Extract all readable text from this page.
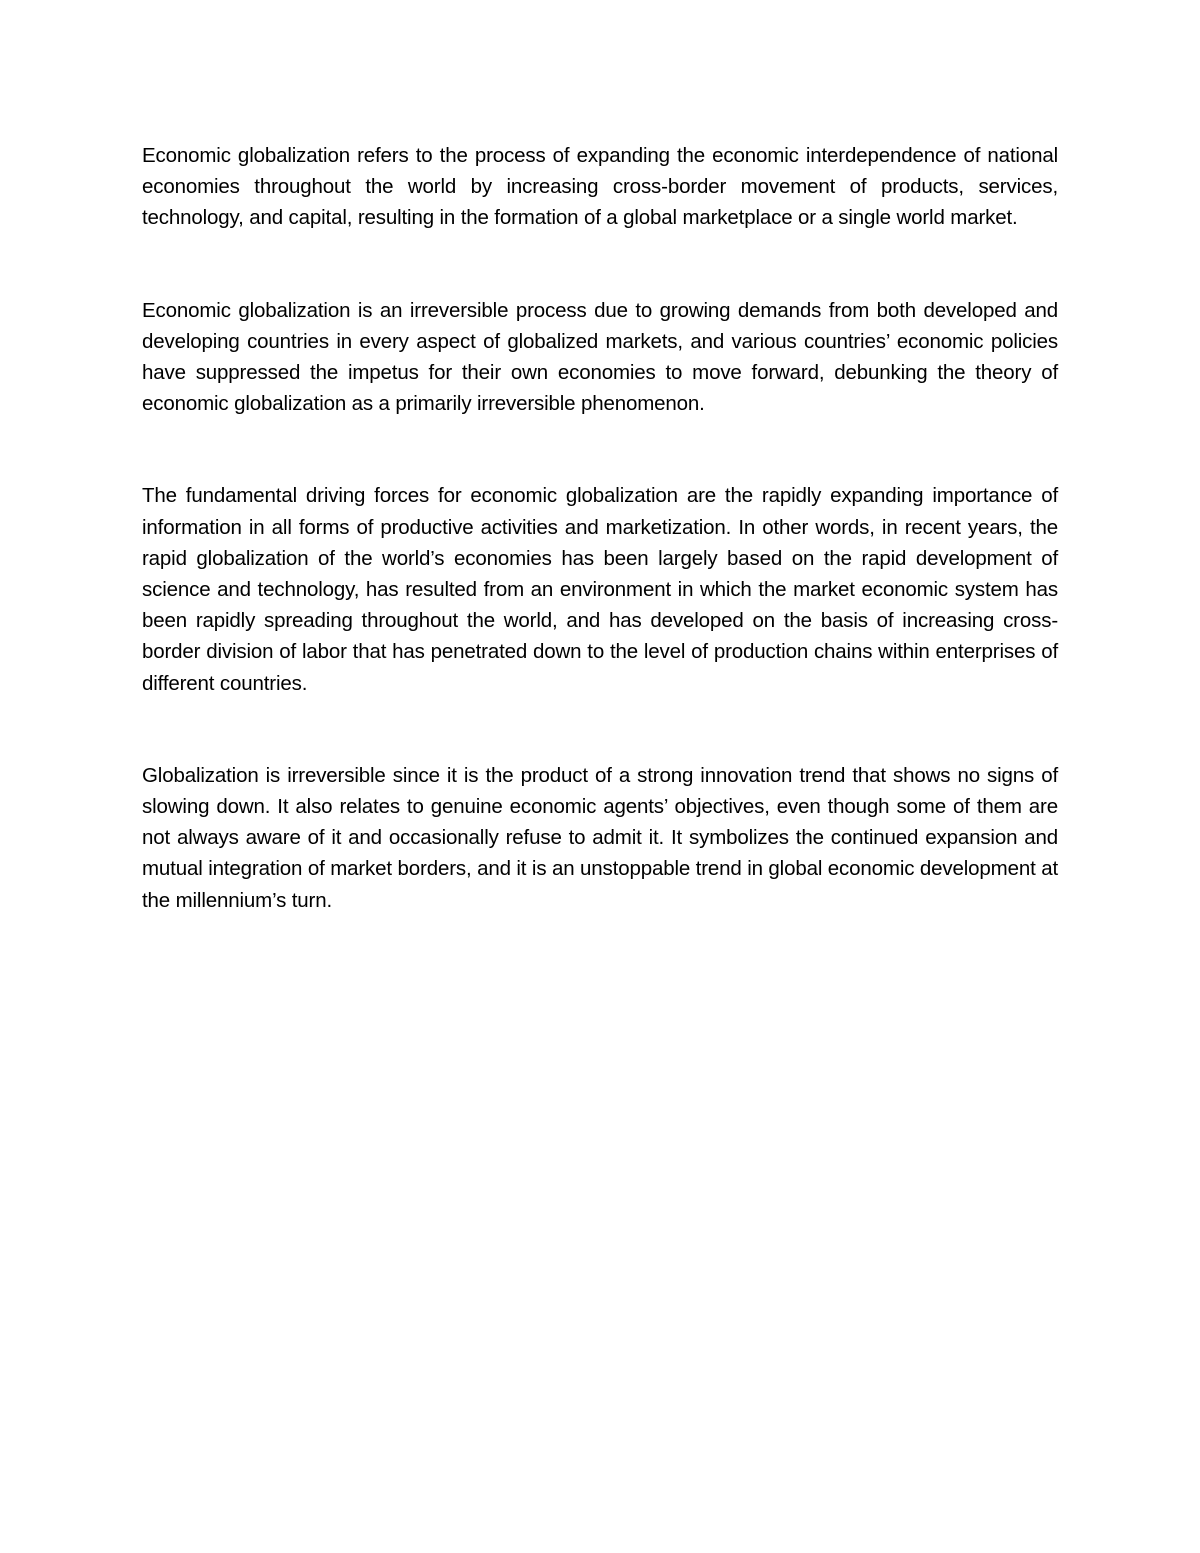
Economic globalization refers to the process of expanding the economic interdependence of national economies throughout the world by increasing cross-border movement of products, services, technology, and capital, resulting in the formation of a global marketplace or a single world market.

Economic globalization is an irreversible process due to growing demands from both developed and developing countries in every aspect of globalized markets, and various countries’ economic policies have suppressed the impetus for their own economies to move forward, debunking the theory of economic globalization as a primarily irreversible phenomenon.

The fundamental driving forces for economic globalization are the rapidly expanding importance of information in all forms of productive activities and marketization. In other words, in recent years, the rapid globalization of the world’s economies has been largely based on the rapid development of science and technology, has resulted from an environment in which the market economic system has been rapidly spreading throughout the world, and has developed on the basis of increasing cross-border division of labor that has penetrated down to the level of production chains within enterprises of different countries.

Globalization is irreversible since it is the product of a strong innovation trend that shows no signs of slowing down. It also relates to genuine economic agents’ objectives, even though some of them are not always aware of it and occasionally refuse to admit it. It symbolizes the continued expansion and mutual integration of market borders, and it is an unstoppable trend in global economic development at the millennium’s turn.
